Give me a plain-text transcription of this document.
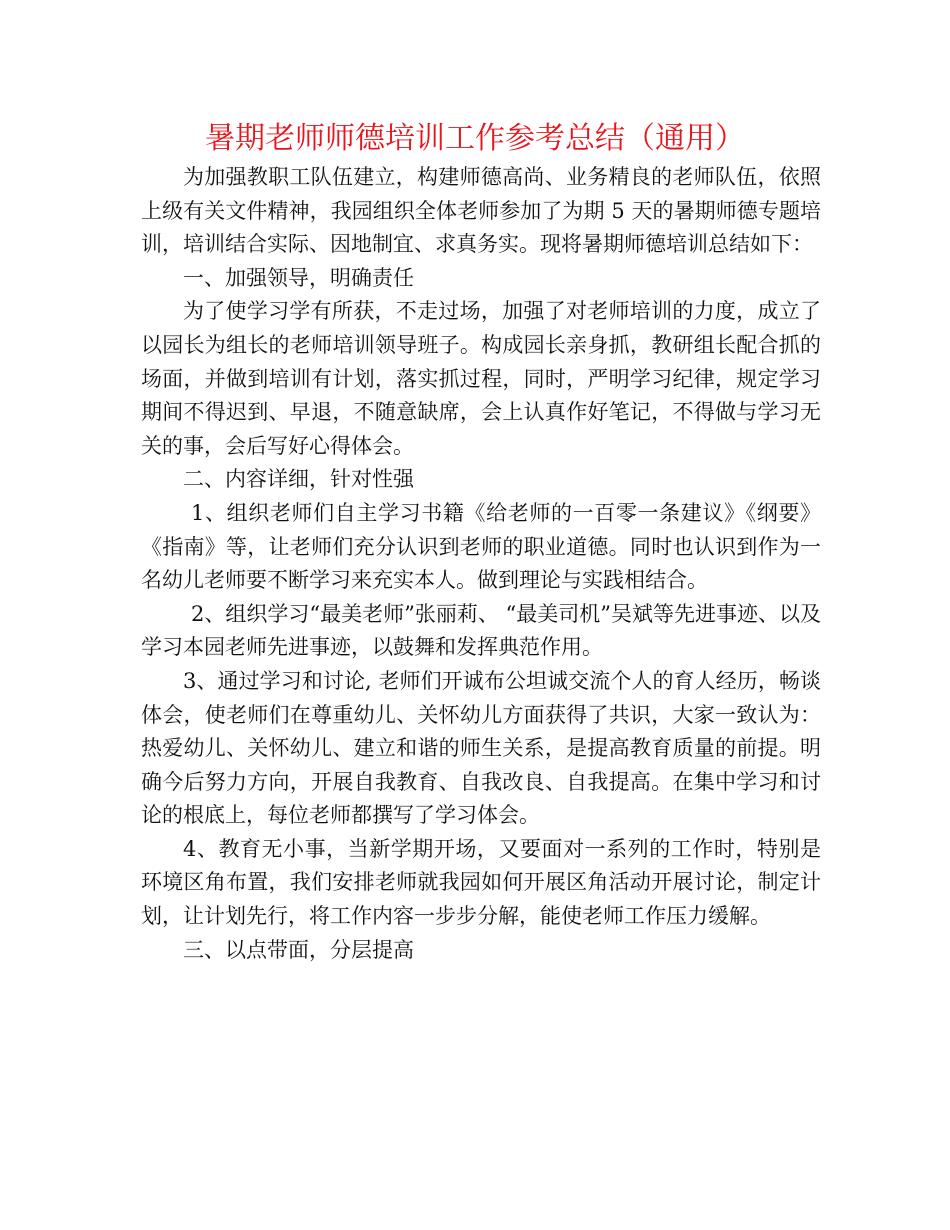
暑期老师师德培训工作参考总结（通用）

为加强教职工队伍建立，构建师德高尚、业务精良的老师队伍，依照上级有关文件精神，我园组织全体老师参加了为期 5 天的暑期师德专题培训，培训结合实际、因地制宜、求真务实。现将暑期师德培训总结如下：

一、加强领导，明确责任

为了使学习学有所获，不走过场，加强了对老师培训的力度，成立了以园长为组长的老师培训领导班子。构成园长亲身抓，教研组长配合抓的场面，并做到培训有计划，落实抓过程，同时，严明学习纪律，规定学习期间不得迟到、早退，不随意缺席，会上认真作好笔记，不得做与学习无关的事，会后写好心得体会。

二、内容详细，针对性强

1、组织老师们自主学习书籍《给老师的一百零一条建议》《纲要》《指南》等，让老师们充分认识到老师的职业道德。同时也认识到作为一名幼儿老师要不断学习来充实本人。做到理论与实践相结合。

2、组织学习“最美老师”张丽莉、 “最美司机”吴斌等先进事迹、以及学习本园老师先进事迹，以鼓舞和发挥典范作用。

3、通过学习和讨论, 老师们开诚布公坦诚交流个人的育人经历，畅谈体会，使老师们在尊重幼儿、关怀幼儿方面获得了共识，大家一致认为：热爱幼儿、关怀幼儿、建立和谐的师生关系，是提高教育质量的前提。明确今后努力方向，开展自我教育、自我改良、自我提高。在集中学习和讨论的根底上，每位老师都撰写了学习体会。

4、教育无小事，当新学期开场，又要面对一系列的工作时，特别是环境区角布置，我们安排老师就我园如何开展区角活动开展讨论，制定计划，让计划先行，将工作内容一步步分解，能使老师工作压力缓解。

三、以点带面，分层提高
